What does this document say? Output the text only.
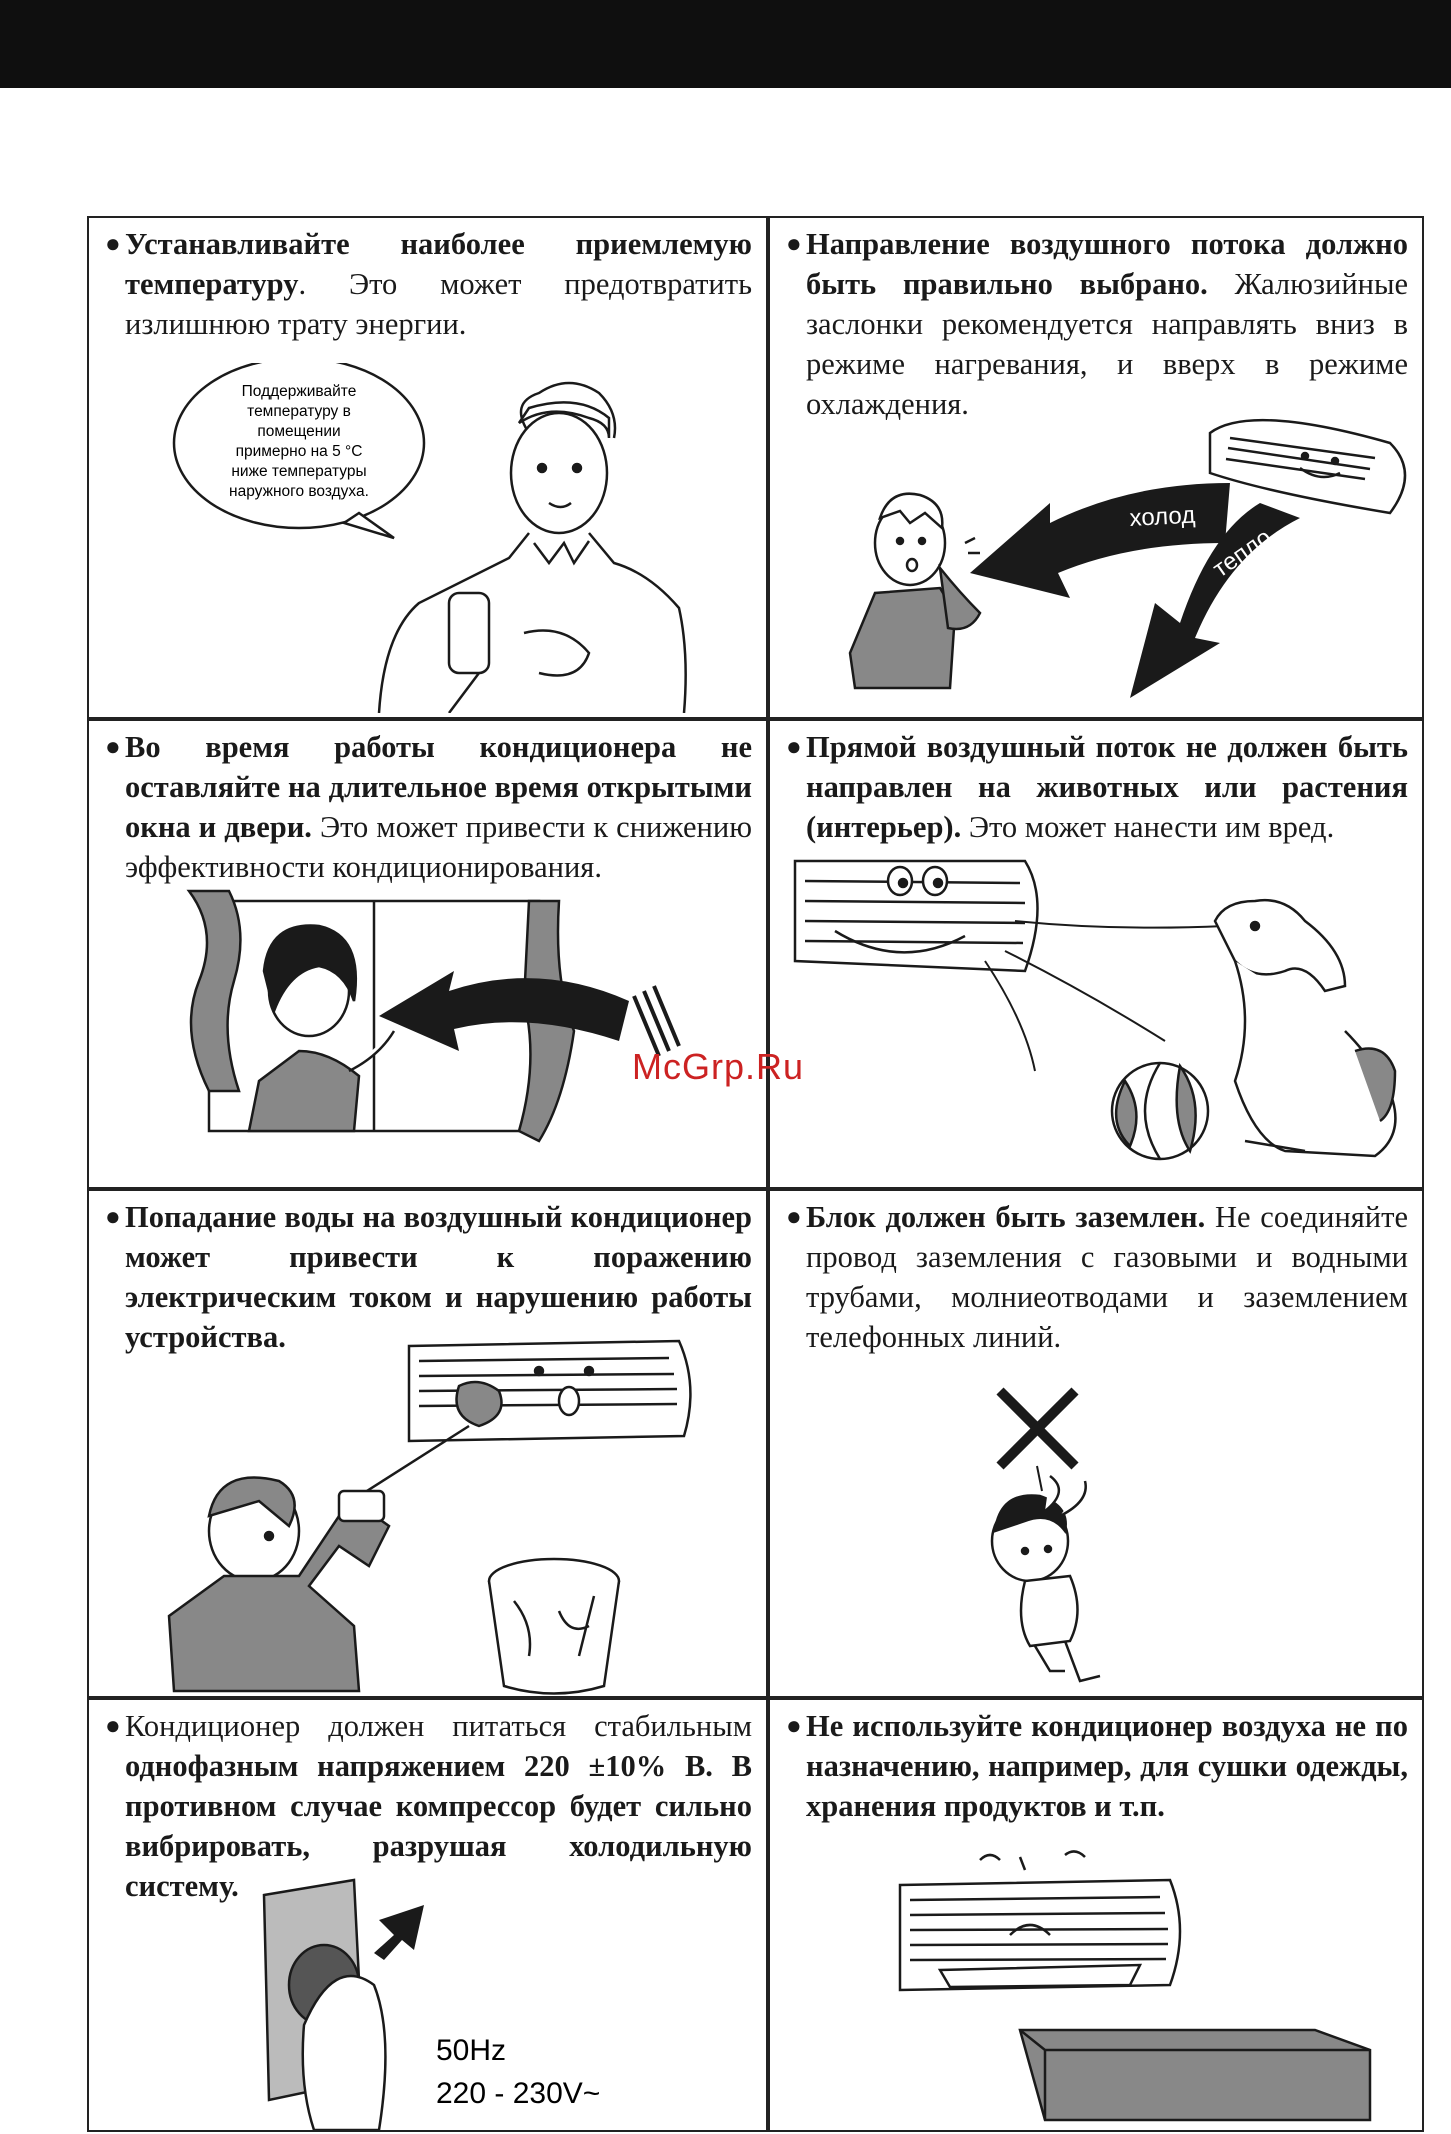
● Устанавливайте наиболее приемлемую температуру. Это может предотвратить излишнюю трату энергии.
Поддерживайте
температуру в
помещении
примерно на 5 °C
ниже температуры
наружного воздуха.
● Направление воздушного потока должно быть правильно выбрано. Жалюзийные заслонки рекомендуется направлять вниз в режиме нагревания, и вверх в режиме охлаждения.
холод
тепло
● Во время работы кондиционера не оставляйте на длительное время открытыми окна и двери. Это может привести к снижению эффективности кондиционирования.
● Прямой воздушный поток не должен быть направлен на животных или растения (интерьер). Это может нанести им вред.
● Попадание воды на воздушный кондиционер может привести к поражению электрическим током и нарушению работы устройства.
● Блок должен быть заземлен. Не соединяйте провод заземления с газовыми и водными трубами, молниеотводами и заземлением телефонных линий.
● Кондиционер должен питаться стабильным однофазным напряжением 220 ±10% В. В противном случае компрессор будет сильно вибрировать, разрушая холодильную систему.
50Hz
220 - 230V~
● Не используйте кондиционер воздуха не по назначению, например, для сушки одежды, хранения продуктов и т.п.
McGrp.Ru
